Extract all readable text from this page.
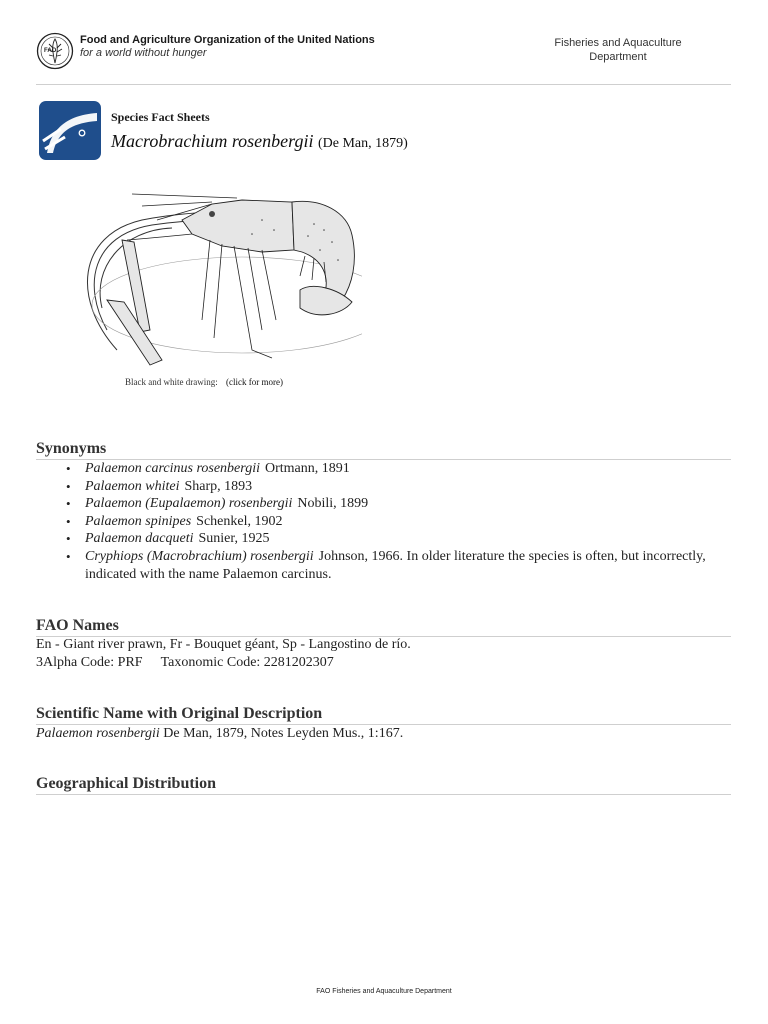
FAO
Food and Agriculture Organization of the United Nations
for a world without hunger
Fisheries and Aquaculture Department
Species Fact Sheets
Macrobrachium rosenbergii (De Man, 1879)
Black and white drawing: (click for more)
Synonyms
• Palaemon carcinus rosenbergii Ortmann, 1891
• Palaemon whitei Sharp, 1893
• Palaemon (Eupalaemon) rosenbergii Nobili, 1899
• Palaemon spinipes Schenkel, 1902
• Palaemon dacqueti Sunier, 1925
• Cryphiops (Macrobrachium) rosenbergii Johnson, 1966. In older literature the species is often, but incorrectly, indicated with the name Palaemon carcinus.
FAO Names
En - Giant river prawn, Fr - Bouquet géant, Sp - Langostino de río.
3Alpha Code: PRF Taxonomic Code: 2281202307
Scientific Name with Original Description
Palaemon rosenbergii De Man, 1879, Notes Leyden Mus., 1:167.
Geographical Distribution
FAO Fisheries and Aquaculture Department
